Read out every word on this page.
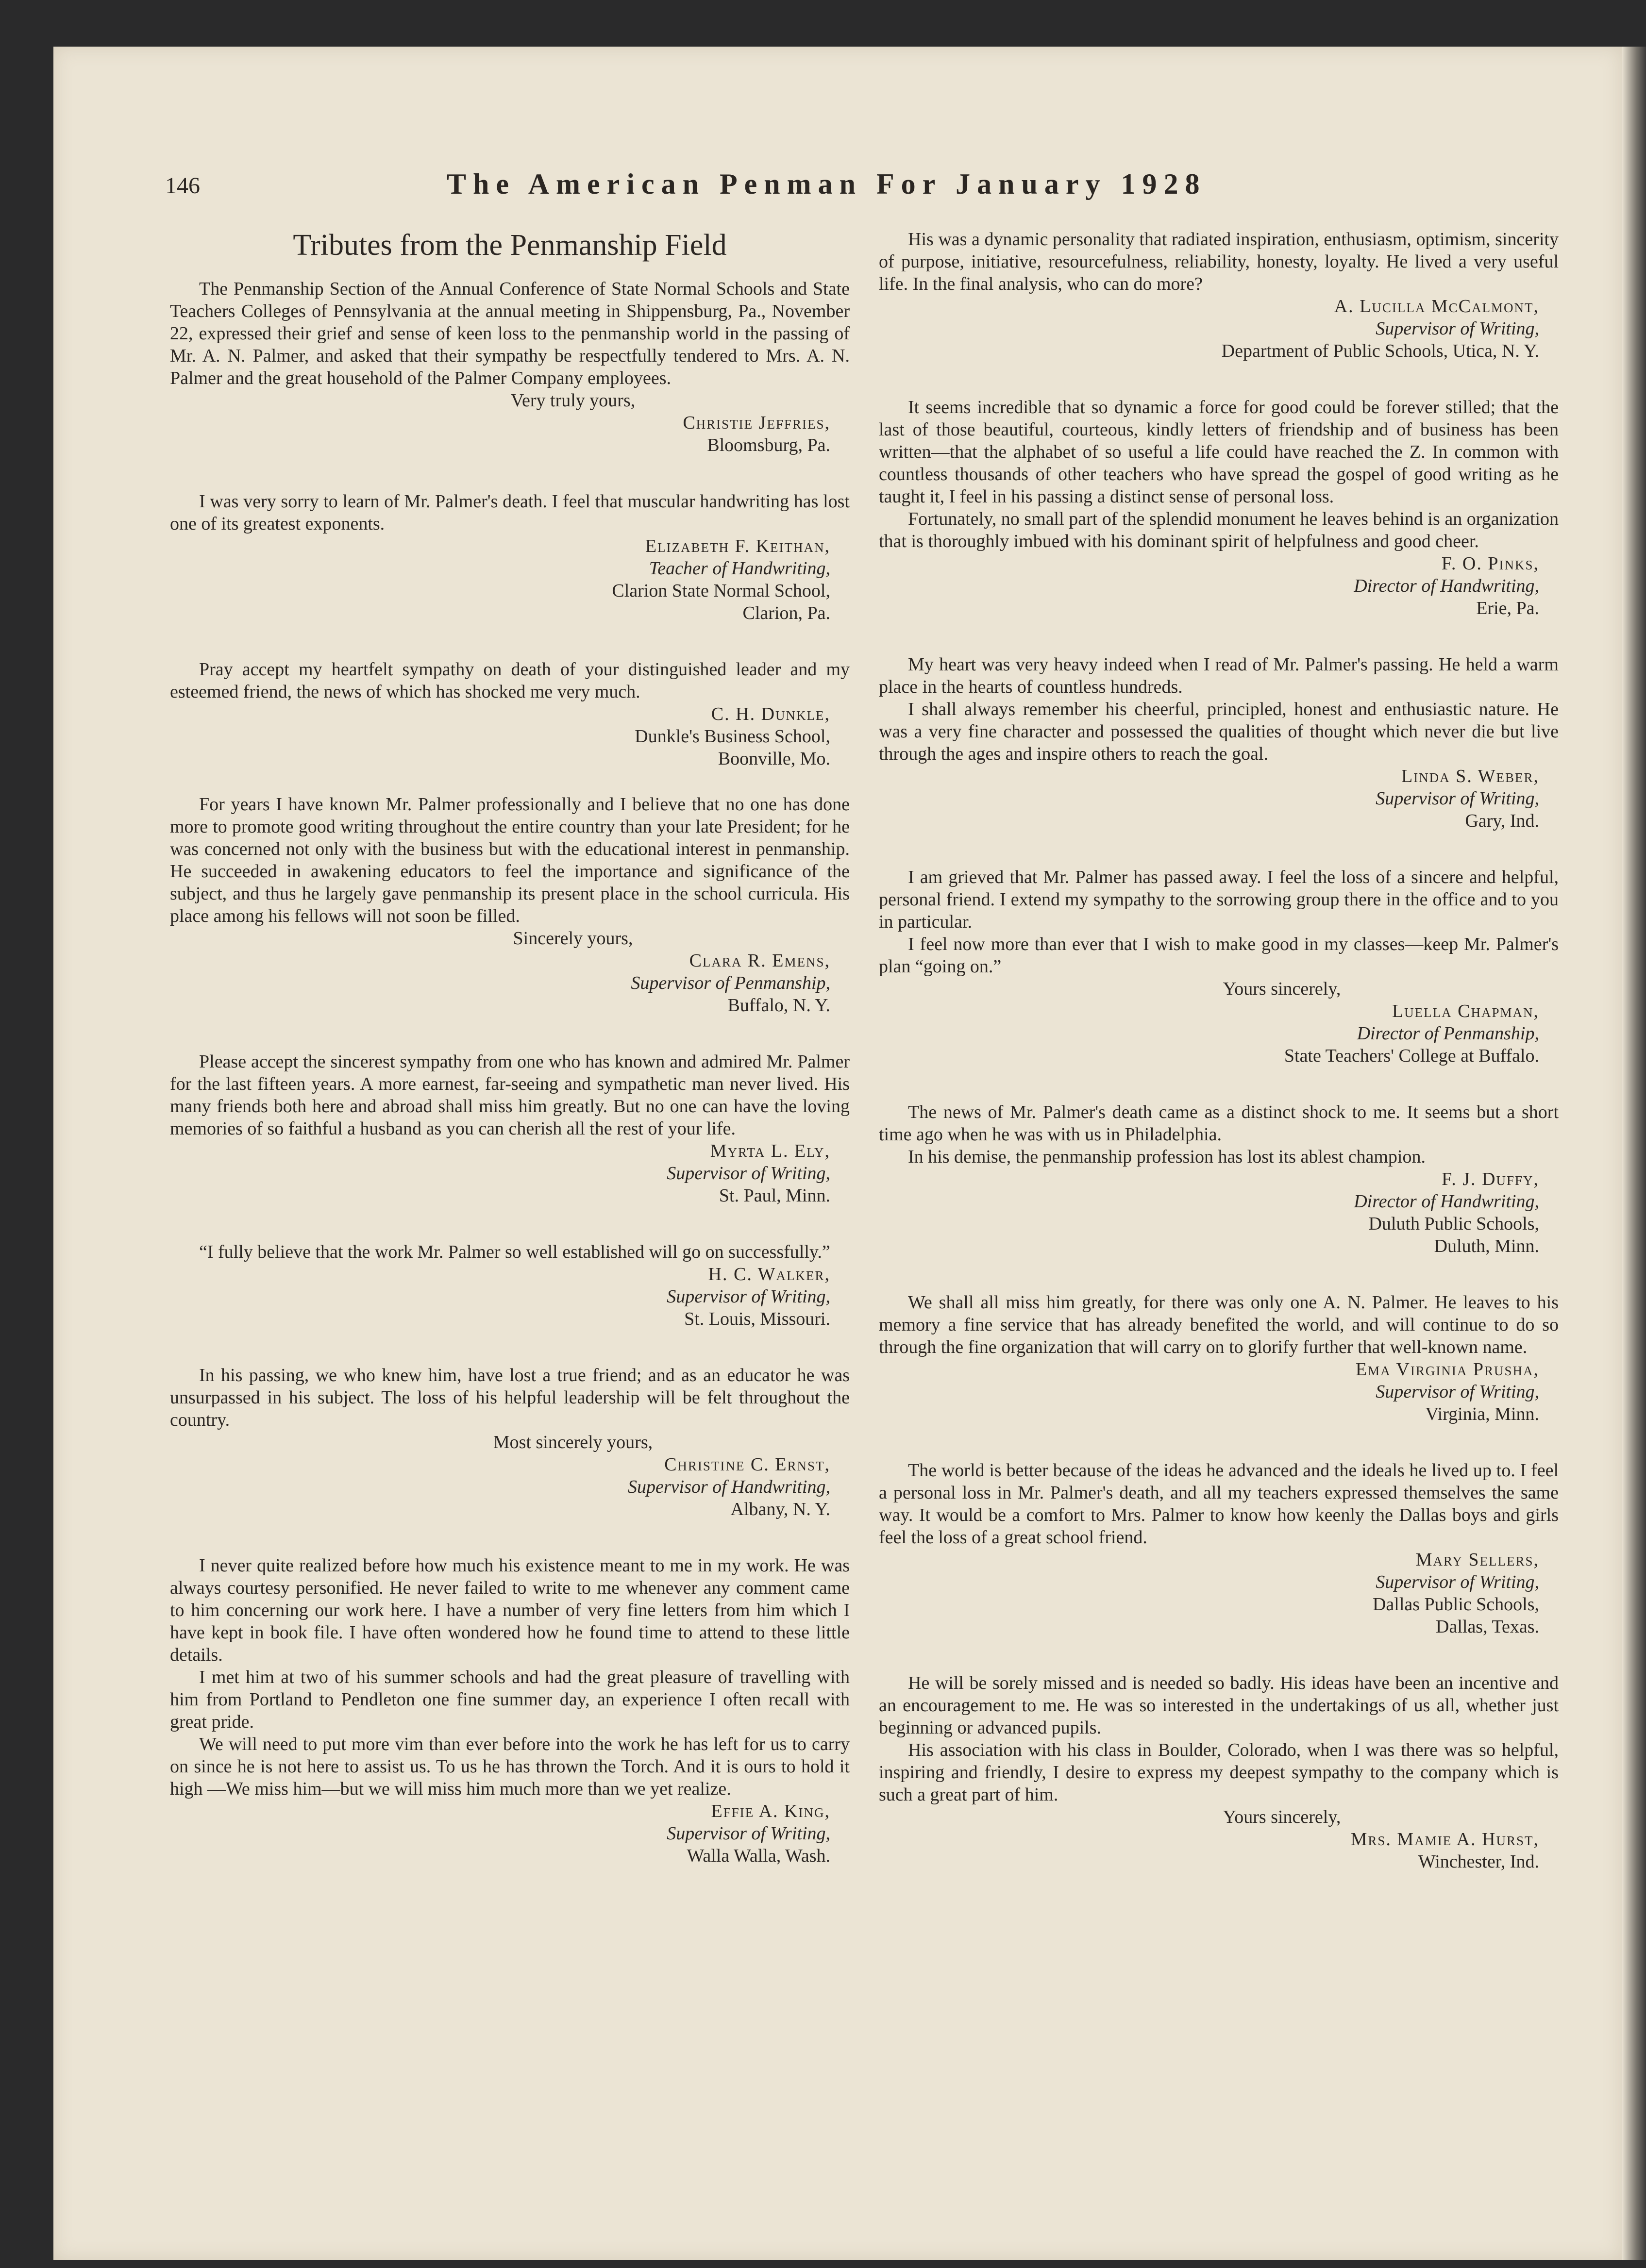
146	The American Penman For January 1928
Tributes from the Penmanship Field

The Penmanship Section of the Annual Conference of State Normal Schools and State Teachers Colleges of Pennsylvania at the annual meeting in Shippensburg, Pa., November 22, expressed their grief and sense of keen loss to the penmanship world in the passing of Mr. A. N. Palmer, and asked that their sympathy be respectfully tendered to Mrs. A. N. Palmer and the great household of the Palmer Company employees.

Very truly yours,

Christie Jeffries,

Bloomsburg, Pa.

I was very sorry to learn of Mr. Palmer's death. I feel that muscular handwriting has lost one of its greatest exponents.

Elizabeth F. Keithan,

Teacher of Handwriting,

Clarion State Normal School,

Clarion, Pa.

Pray accept my heartfelt sympathy on death of your distinguished leader and my esteemed friend, the news of which has shocked me very much.

C. H. Dunkle,

Dunkle's Business School,

Boonville, Mo.

For years I have known Mr. Palmer professionally and I believe that no one has done more to promote good writing throughout the entire country than your late President; for he was concerned not only with the business but with the educational interest in penmanship. He succeeded in awakening educators to feel the importance and significance of the subject, and thus he largely gave penmanship its present place in the school curricula. His place among his fellows will not soon be filled.

Sincerely yours,

Clara R. Emens,

Supervisor of Penmanship,

Buffalo, N. Y.

Please accept the sincerest sympathy from one who has known and admired Mr. Palmer for the last fifteen years. A more earnest, far-seeing and sympathetic man never lived. His many friends both here and abroad shall miss him greatly. But no one can have the loving memories of so faithful a husband as you can cherish all the rest of your life.

Myrta L. Ely,

Supervisor of Writing,

St. Paul, Minn.

“I fully believe that the work Mr. Palmer so well established will go on successfully.”

H. C. Walker,

Supervisor of Writing,

St. Louis, Missouri.

In his passing, we who knew him, have lost a true friend; and as an educator he was unsurpassed in his subject. The loss of his helpful leadership will be felt throughout the country.

Most sincerely yours,

Christine C. Ernst,

Supervisor of Handwriting,

Albany, N. Y.

I never quite realized before how much his existence meant to me in my work. He was always courtesy personified. He never failed to write to me whenever any comment came to him concerning our work here. I have a number of very fine letters from him which I have kept in book file. I have often wondered how he found time to attend to these little details.

I met him at two of his summer schools and had the great pleasure of travelling with him from Portland to Pendleton one fine summer day, an experience I often recall with great pride.

We will need to put more vim than ever before into the work he has left for us to carry on since he is not here to assist us. To us he has thrown the Torch. And it is ours to hold it high —We miss him—but we will miss him much more than we yet realize.

Effie A. King,

Supervisor of Writing,

Walla Walla, Wash.

His was a dynamic personality that radiated inspiration, enthusiasm, optimism, sincerity of purpose, initiative, resourcefulness, reliability, honesty, loyalty. He lived a very useful life. In the final analysis, who can do more?

A. Lucilla McCalmont,

Supervisor of Writing,

Department of Public Schools, Utica, N. Y.

It seems incredible that so dynamic a force for good could be forever stilled; that the last of those beautiful, courteous, kindly letters of friendship and of business has been written—that the alphabet of so useful a life could have reached the Z. In common with countless thousands of other teachers who have spread the gospel of good writing as he taught it, I feel in his passing a distinct sense of personal loss.

Fortunately, no small part of the splendid monument he leaves behind is an organization that is thoroughly imbued with his dominant spirit of helpfulness and good cheer.

F. O. Pinks,

Director of Handwriting,

Erie, Pa.

My heart was very heavy indeed when I read of Mr. Palmer's passing. He held a warm place in the hearts of countless hundreds.

I shall always remember his cheerful, principled, honest and enthusiastic nature. He was a very fine character and possessed the qualities of thought which never die but live through the ages and inspire others to reach the goal.

Linda S. Weber,

Supervisor of Writing,

Gary, Ind.

I am grieved that Mr. Palmer has passed away. I feel the loss of a sincere and helpful, personal friend. I extend my sympathy to the sorrowing group there in the office and to you in particular.

I feel now more than ever that I wish to make good in my classes—keep Mr. Palmer's plan “going on.”

Yours sincerely,

Luella Chapman,

Director of Penmanship,

State Teachers' College at Buffalo.

The news of Mr. Palmer's death came as a distinct shock to me. It seems but a short time ago when he was with us in Philadelphia.

In his demise, the penmanship profession has lost its ablest champion.

F. J. Duffy,

Director of Handwriting,

Duluth Public Schools,

Duluth, Minn.

We shall all miss him greatly, for there was only one A. N. Palmer. He leaves to his memory a fine service that has already benefited the world, and will continue to do so through the fine organization that will carry on to glorify further that well-known name.

Ema Virginia Prusha,

Supervisor of Writing,

Virginia, Minn.

The world is better because of the ideas he advanced and the ideals he lived up to. I feel a personal loss in Mr. Palmer's death, and all my teachers expressed themselves the same way. It would be a comfort to Mrs. Palmer to know how keenly the Dallas boys and girls feel the loss of a great school friend.

Mary Sellers,

Supervisor of Writing,

Dallas Public Schools,

Dallas, Texas.

He will be sorely missed and is needed so badly. His ideas have been an incentive and an encouragement to me. He was so interested in the undertakings of us all, whether just beginning or advanced pupils.

His association with his class in Boulder, Colorado, when I was there was so helpful, inspiring and friendly, I desire to express my deepest sympathy to the company which is such a great part of him.

Yours sincerely,

Mrs. Mamie A. Hurst,

Winchester, Ind.
